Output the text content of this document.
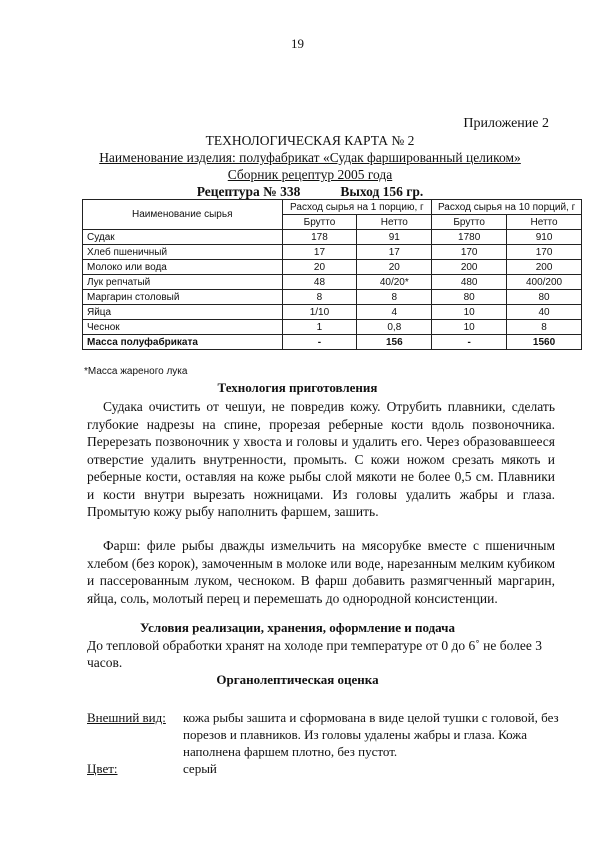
19
Приложение 2
ТЕХНОЛОГИЧЕСКАЯ КАРТА № 2
Наименование изделия: полуфабрикат «Судак фаршированный целиком»
Сборник рецептур 2005 года
Рецептура № 338	Выход 156 гр.
Наименование сырья	Расход сырья на 1 порцию, г		Расход сырья на 10 порций, г	
	Брутто	Нетто	Брутто	Нетто
Судак	178	91	1780	910
Хлеб пшеничный	17	17	170	170
Молоко или вода	20	20	200	200
Лук репчатый	48	40/20*	480	400/200
Маргарин столовый	8	8	80	80
Яйца	1/10	4	10	40
Чеснок	1	0,8	10	8
Масса полуфабриката	-	156	-	1560
*Масса жареного лука
Технология приготовления
Судака очистить от чешуи, не повредив кожу. Отрубить плавники, сделать глубокие надрезы на спине, прорезая реберные кости вдоль позвоночника. Перерезать позвоночник у хвоста и головы и удалить его. Через образовавшееся отверстие удалить внутренности, промыть. С кожи ножом срезать мякоть и реберные кости, оставляя на коже рыбы слой мякоти не более 0,5 см. Плавники и кости внутри вырезать ножницами. Из головы удалить жабры и глаза. Промытую кожу рыбу наполнить фаршем, зашить.
Фарш: филе рыбы дважды измельчить на мясорубке вместе с пшеничным хлебом (без корок), замоченным в молоке или воде, нарезанным мелким кубиком и пассерованным луком, чесноком. В фарш добавить размягченный маргарин, яйца, соль, молотый перец и перемешать до однородной консистенции.
Условия реализации, хранения, оформление и подача
До тепловой обработки хранят на холоде при температуре от 0 до 6˚ не более 3 часов.
Органолептическая оценка
Внешний вид:	кожа рыбы зашита и сформована в виде целой тушки с головой, без порезов и плавников. Из головы удалены жабры и глаза. Кожа наполнена фаршем плотно, без пустот.
Цвет:	серый
